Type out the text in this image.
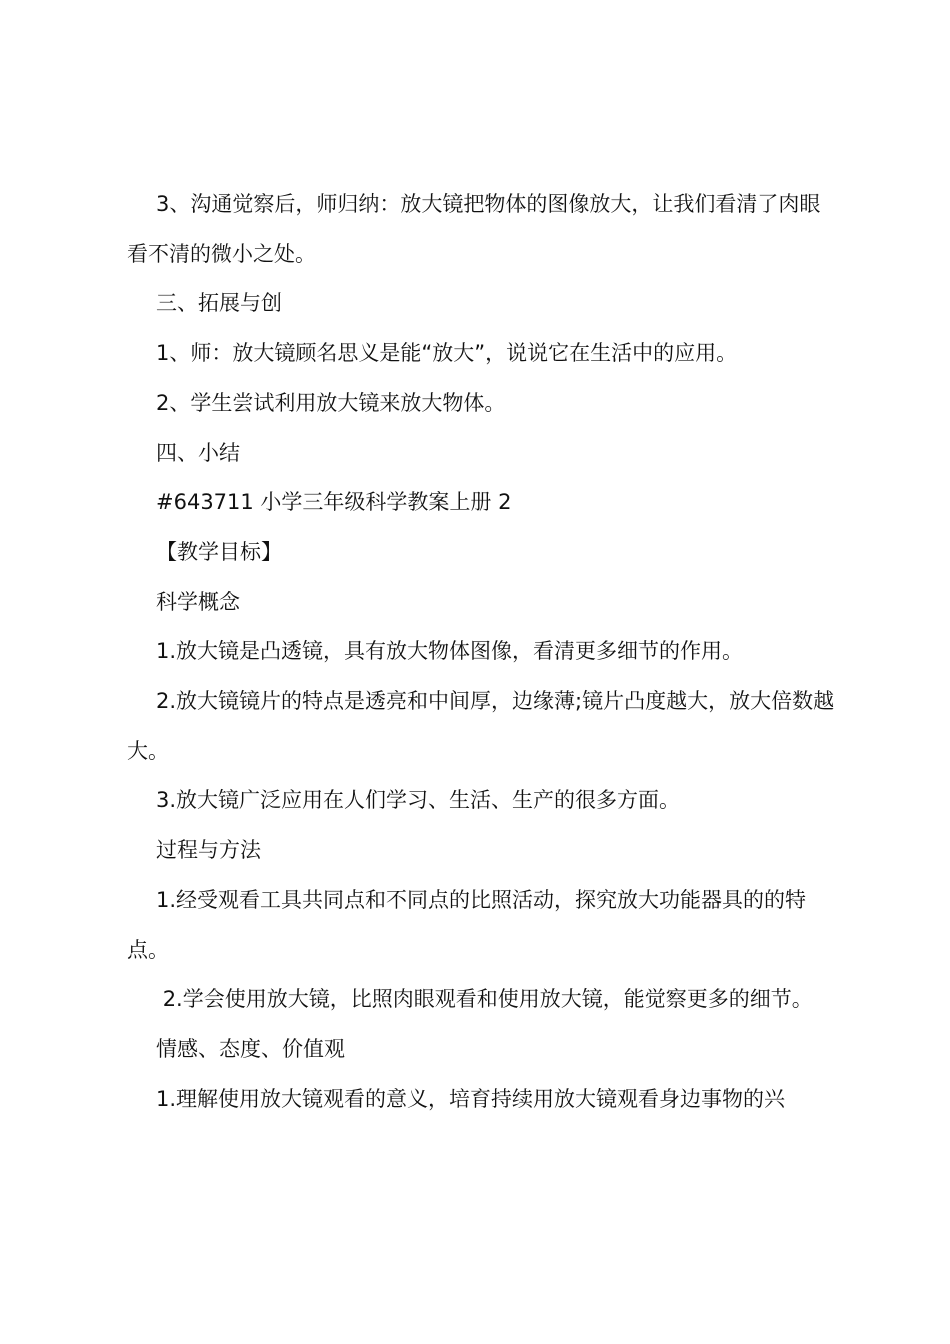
3、沟通觉察后，师归纳：放大镜把物体的图像放大，让我们看清了肉眼看不清的微小之处。

三、拓展与创

1、师：放大镜顾名思义是能“放大”，说说它在生活中的应用。

2、学生尝试利用放大镜来放大物体。

四、小结

#643711 小学三年级科学教案上册 2

【教学目标】

科学概念

1.放大镜是凸透镜，具有放大物体图像，看清更多细节的作用。

2.放大镜镜片的特点是透亮和中间厚，边缘薄;镜片凸度越大，放大倍数越大。

3.放大镜广泛应用在人们学习、生活、生产的很多方面。

过程与方法

1.经受观看工具共同点和不同点的比照活动，探究放大功能器具的的特点。

2.学会使用放大镜，比照肉眼观看和使用放大镜，能觉察更多的细节。

情感、态度、价值观

1.理解使用放大镜观看的意义，培育持续用放大镜观看身边事物的兴
